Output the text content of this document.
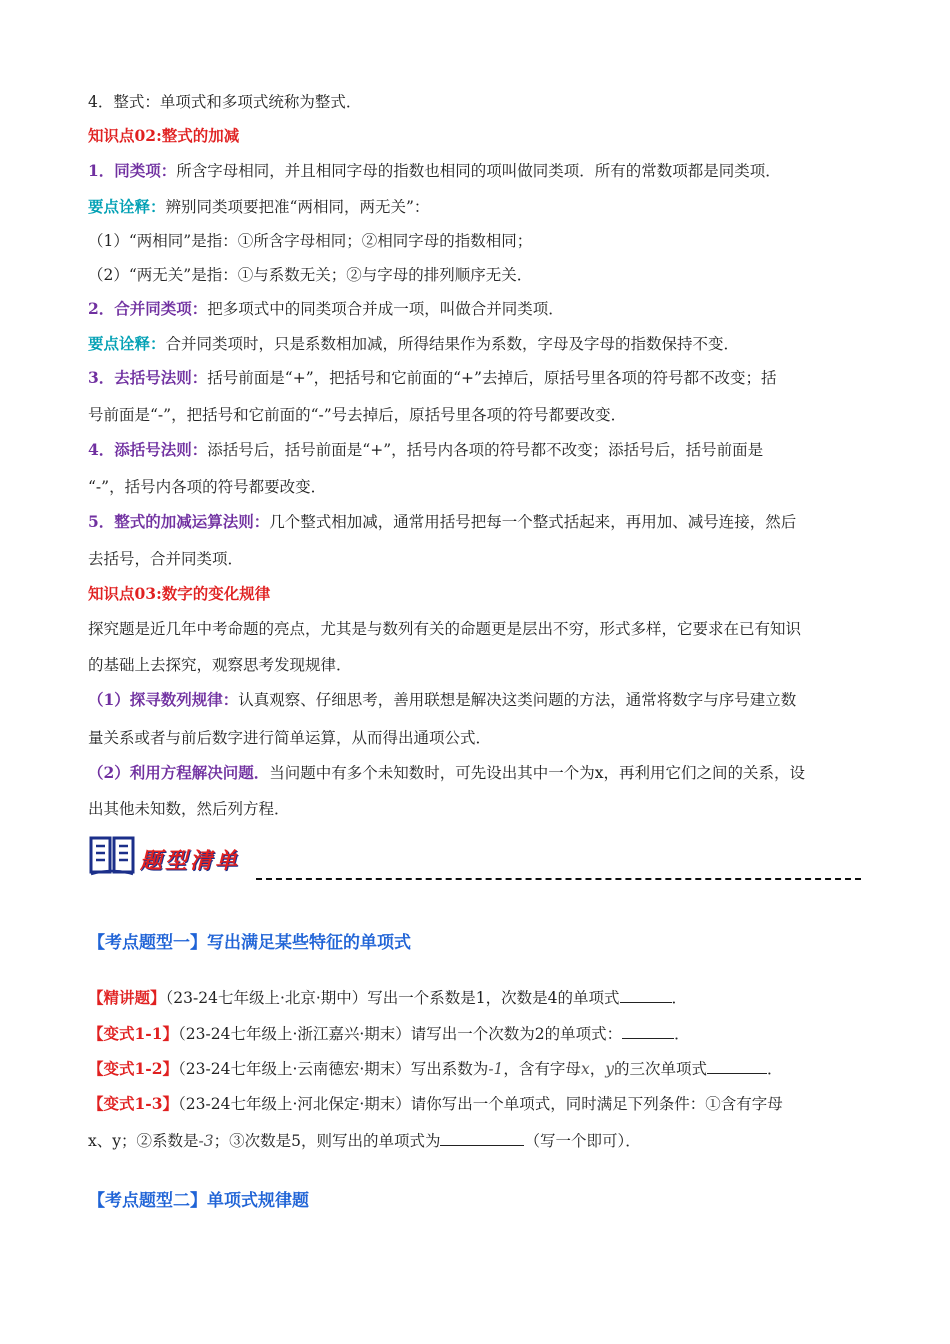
4．整式：单项式和多项式统称为整式．
知识点02:整式的加减
1．同类项：所含字母相同，并且相同字母的指数也相同的项叫做同类项．所有的常数项都是同类项．
要点诠释：辨别同类项要把准“两相同，两无关”：
（1）“两相同”是指：①所含字母相同；②相同字母的指数相同；
（2）“两无关”是指：①与系数无关；②与字母的排列顺序无关．
2．合并同类项：把多项式中的同类项合并成一项，叫做合并同类项．
要点诠释：合并同类项时，只是系数相加减，所得结果作为系数，字母及字母的指数保持不变．
3．去括号法则：括号前面是“+”，把括号和它前面的“+”去掉后，原括号里各项的符号都不改变；括
号前面是“-”，把括号和它前面的“-”号去掉后，原括号里各项的符号都要改变．
4．添括号法则：添括号后，括号前面是“+”，括号内各项的符号都不改变；添括号后，括号前面是
“-”，括号内各项的符号都要改变．
5．整式的加减运算法则：几个整式相加减，通常用括号把每一个整式括起来，再用加、减号连接，然后
去括号，合并同类项．
知识点03:数字的变化规律
探究题是近几年中考命题的亮点，尤其是与数列有关的命题更是层出不穷，形式多样，它要求在已有知识
的基础上去探究，观察思考发现规律．
（1）探寻数列规律：认真观察、仔细思考，善用联想是解决这类问题的方法，通常将数字与序号建立数
量关系或者与前后数字进行简单运算，从而得出通项公式．
（2）利用方程解决问题．当问题中有多个未知数时，可先设出其中一个为x，再利用它们之间的关系，设
出其他未知数，然后列方程．
题型清单
【考点题型一】写出满足某些特征的单项式
【精讲题】（23-24七年级上·北京·期中）写出一个系数是1，次数是4的单项式	．
【变式1-1】（23-24七年级上·浙江嘉兴·期末）请写出一个次数为2的单项式：	．
【变式1-2】（23-24七年级上·云南德宏·期末）写出系数为-1，含有字母x，y的三次单项式	．
【变式1-3】（23-24七年级上·河北保定·期末）请你写出一个单项式，同时满足下列条件：①含有字母
x、y；②系数是-3；③次数是5，则写出的单项式为	（写一个即可）．
【考点题型二】单项式规律题
